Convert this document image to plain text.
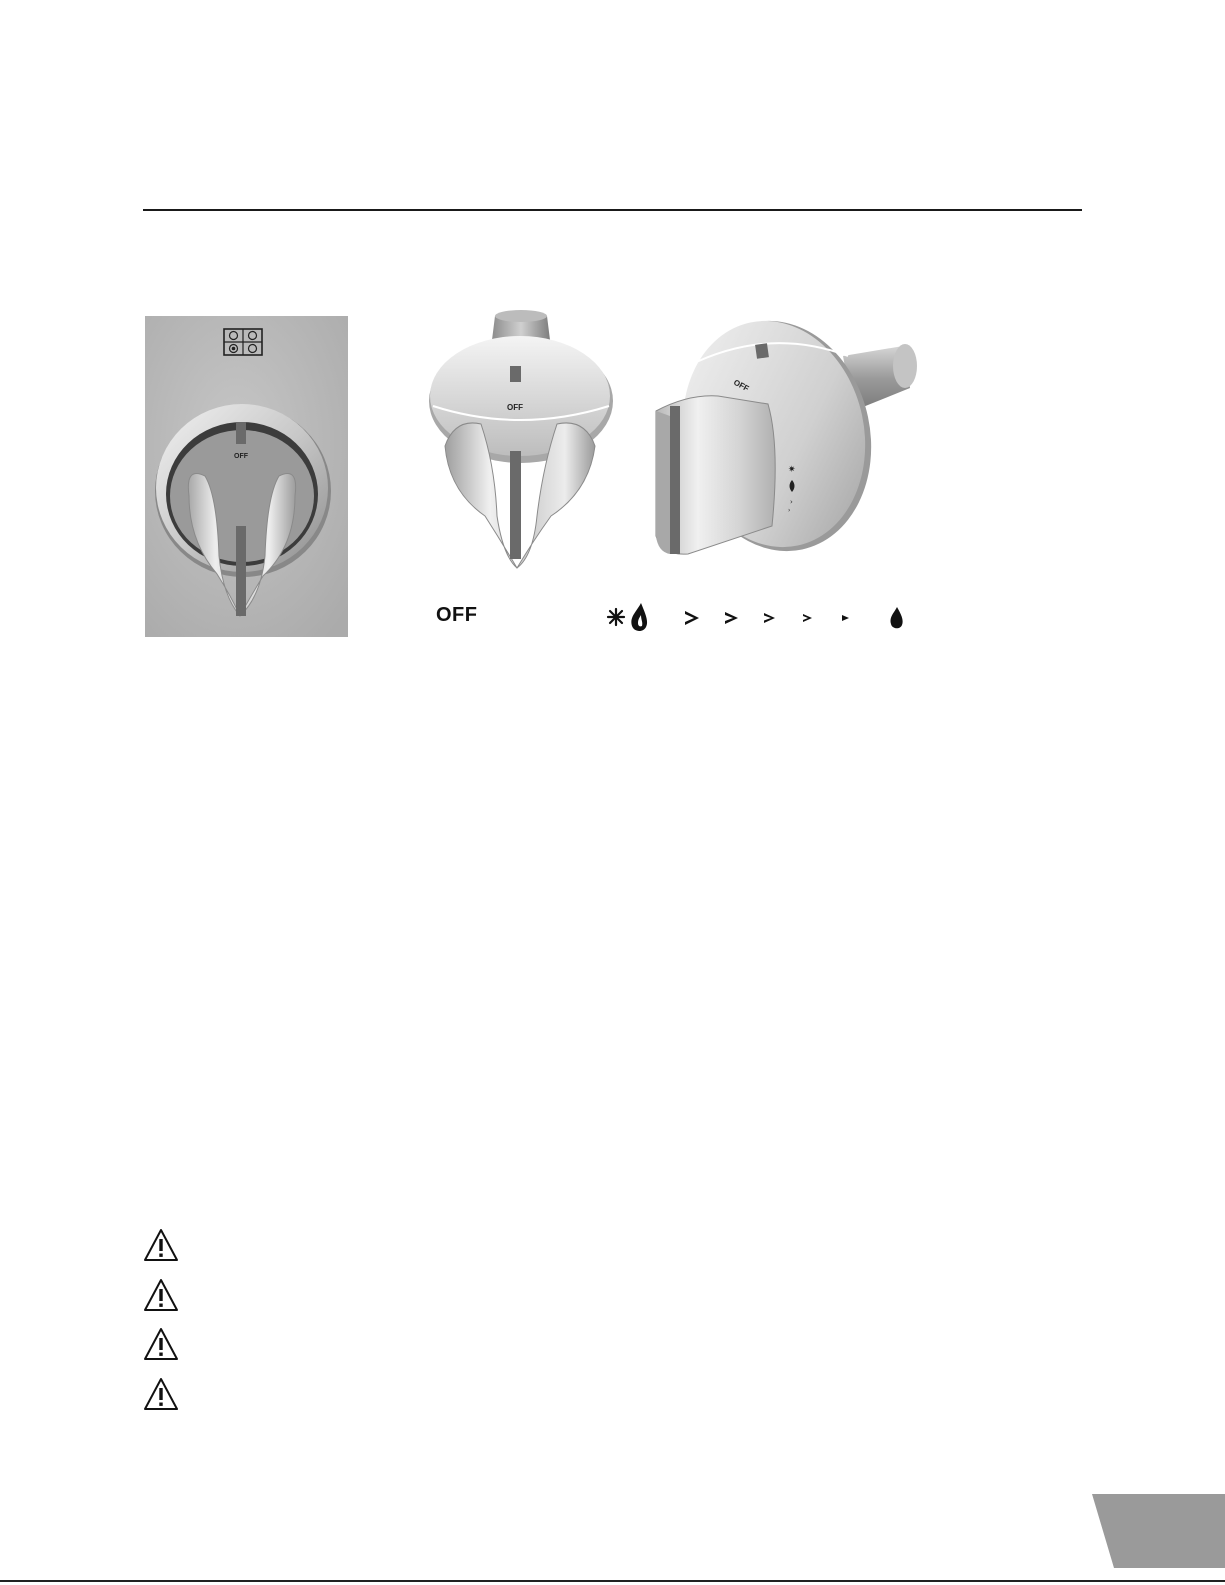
OFF
OFF
OFF
✷
›
›
OFF
